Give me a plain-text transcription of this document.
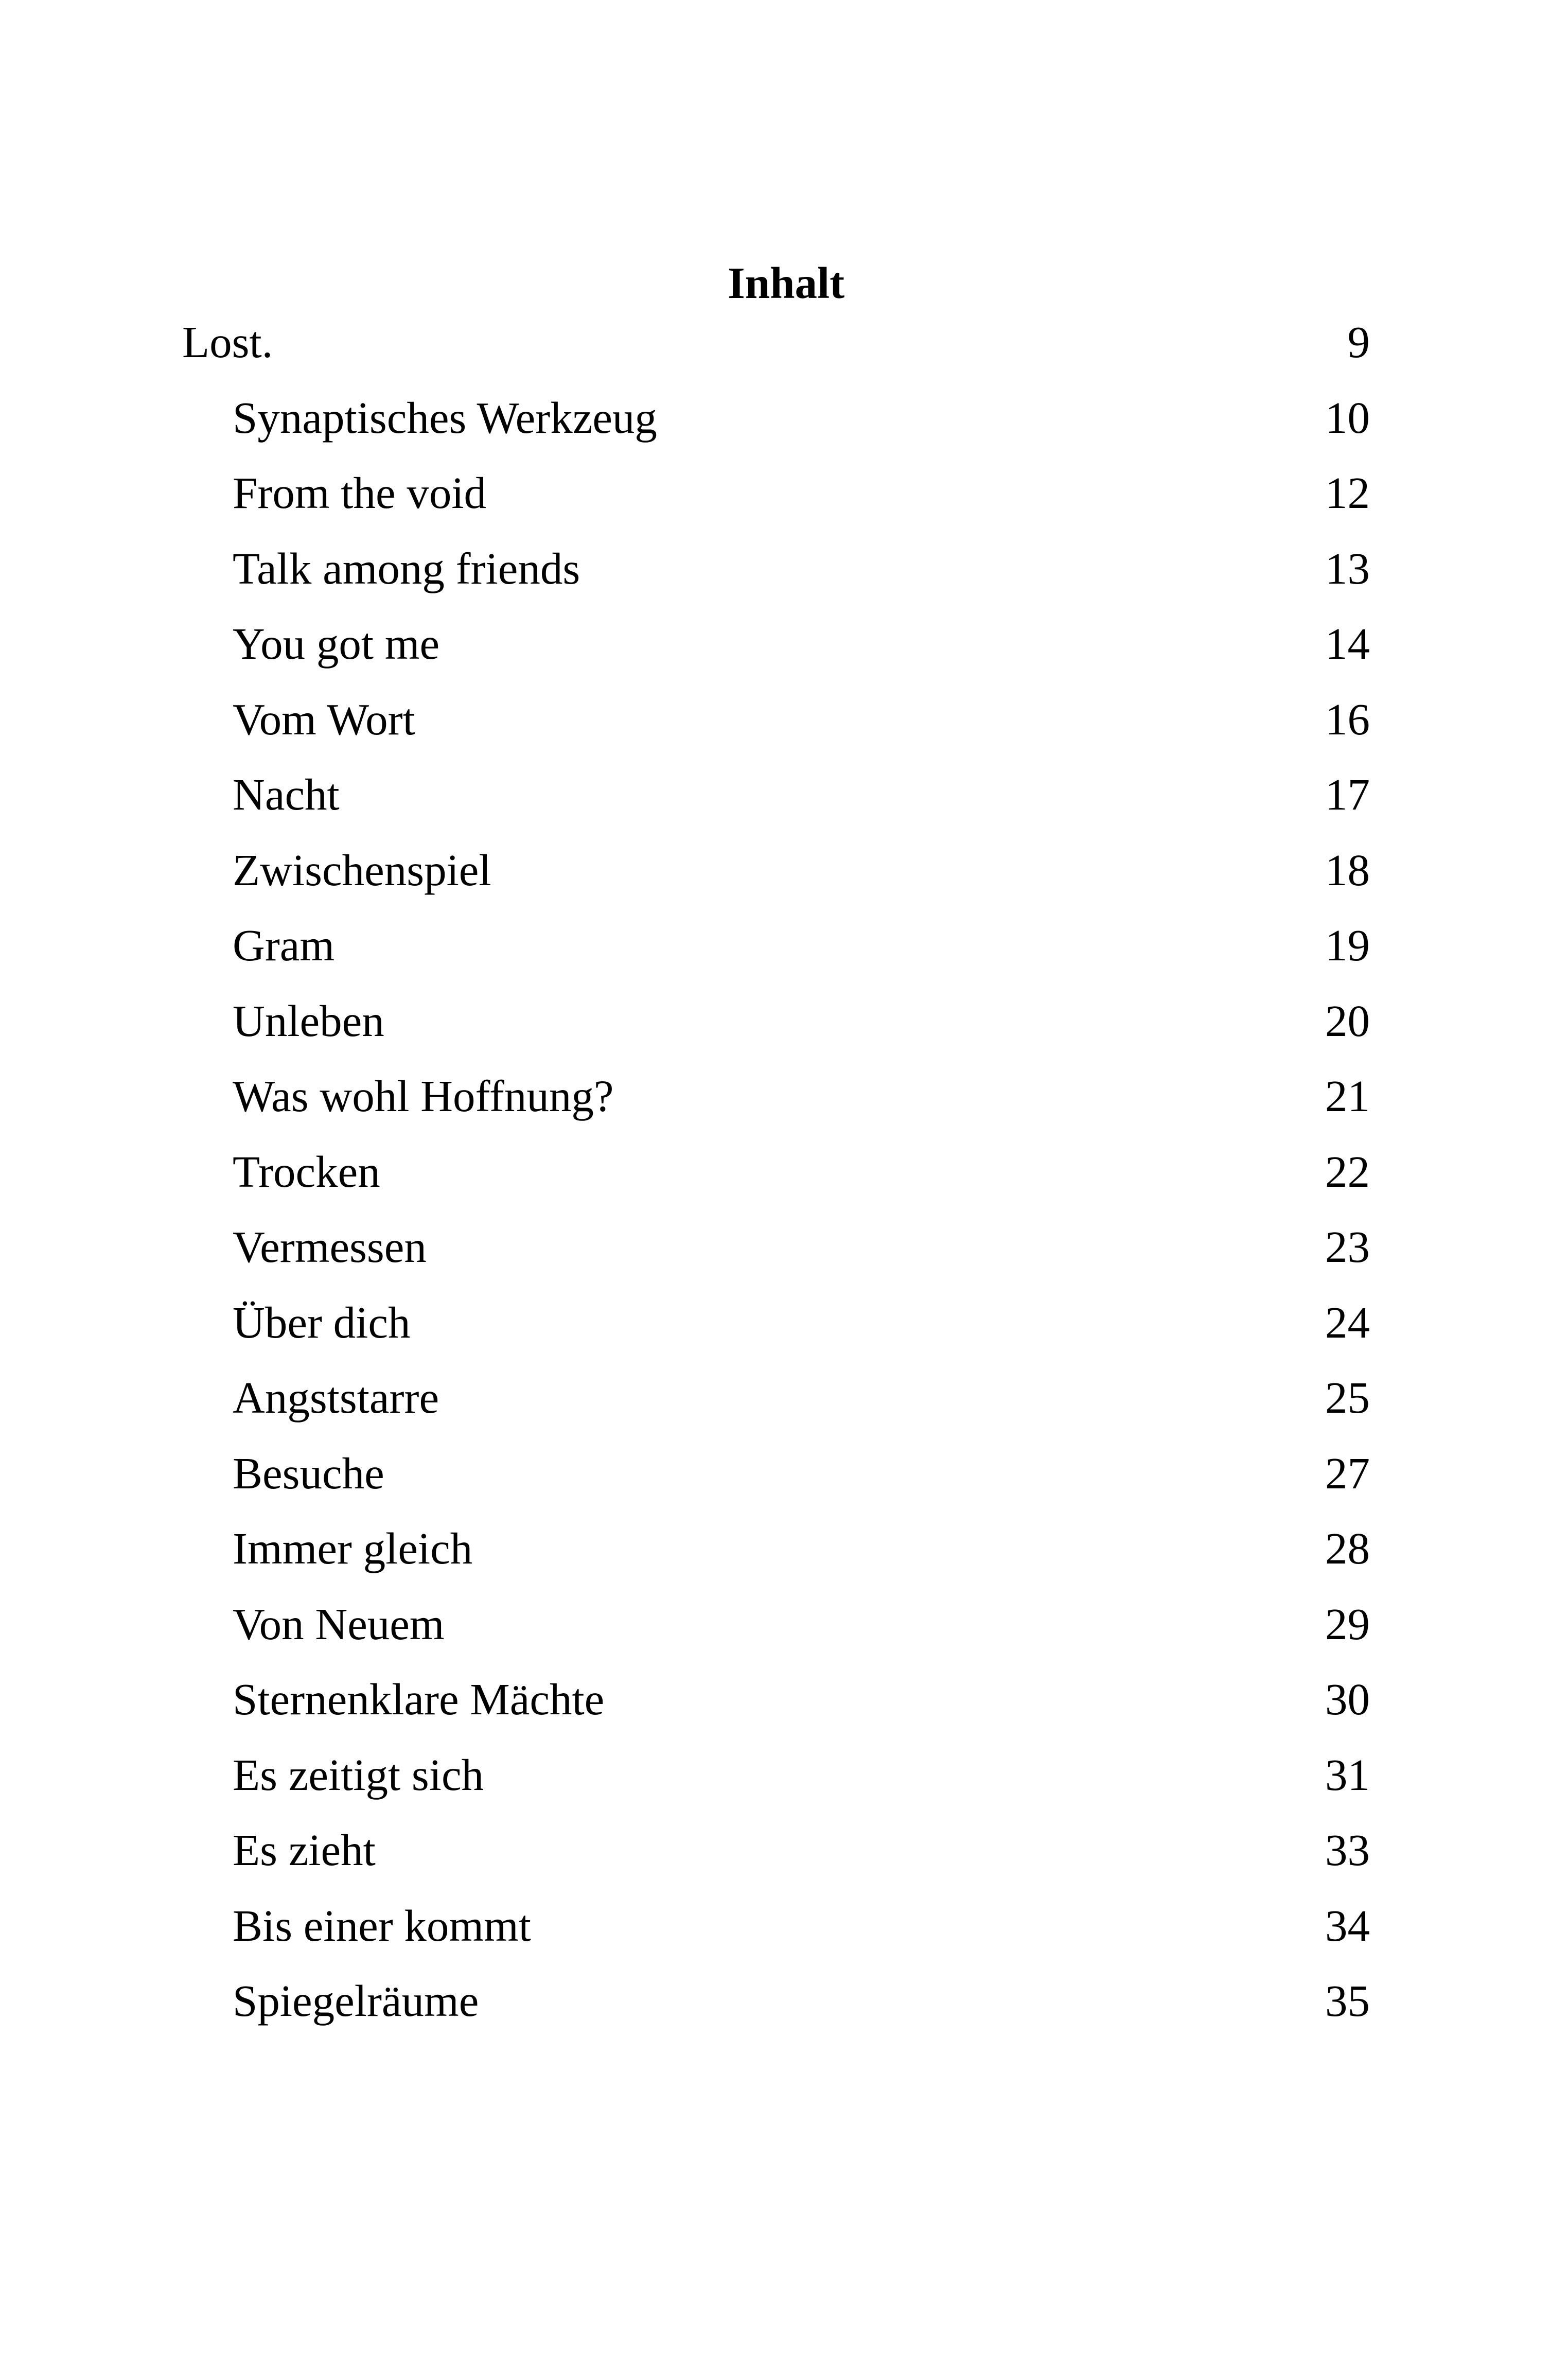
Inhalt
Lost.	9
Synaptisches Werkzeug	10
From the void	12
Talk among friends	13
You got me	14
Vom Wort	16
Nacht	17
Zwischenspiel	18
Gram	19
Unleben	20
Was wohl Hoffnung?	21
Trocken	22
Vermessen	23
Über dich	24
Angststarre	25
Besuche	27
Immer gleich	28
Von Neuem	29
Sternenklare Mächte	30
Es zeitigt sich	31
Es zieht	33
Bis einer kommt	34
Spiegelräume	35
